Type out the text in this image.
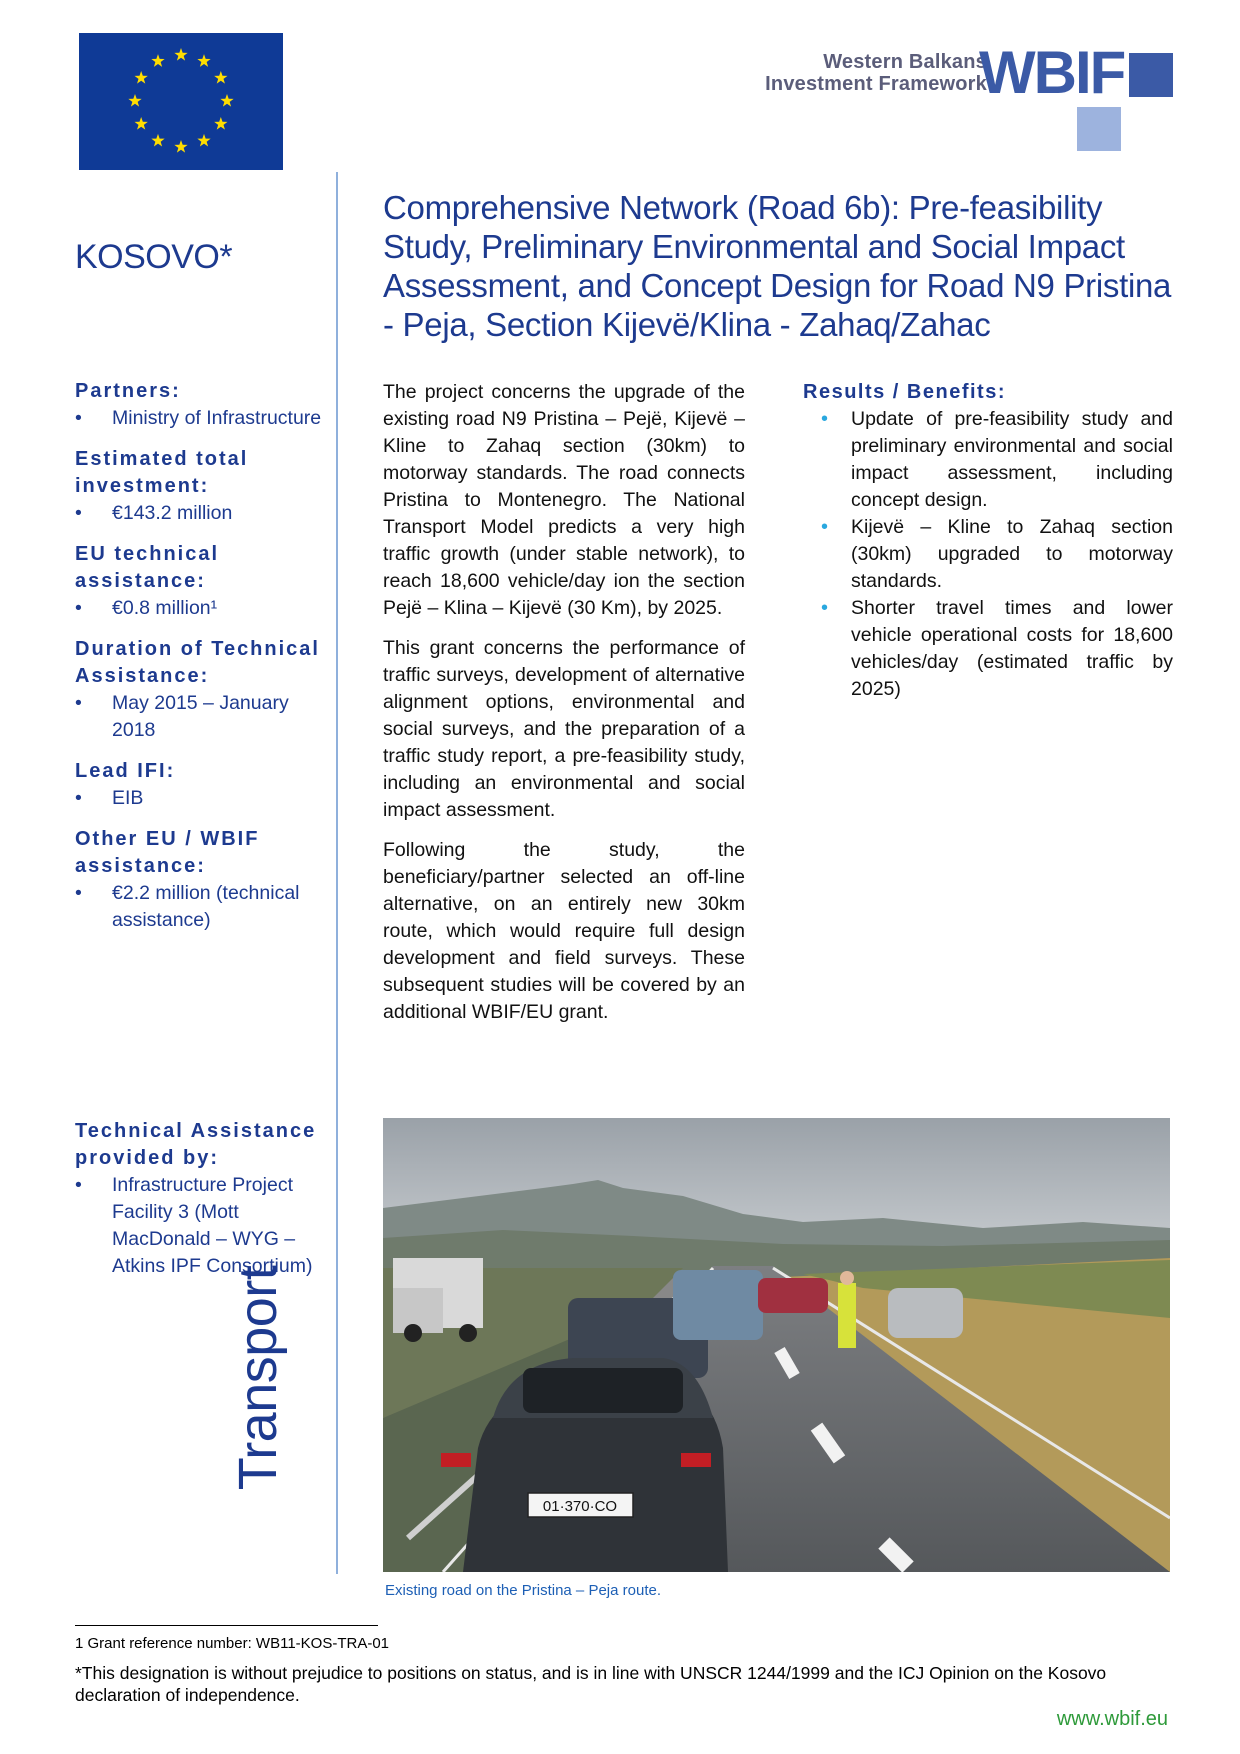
Western Balkans
Investment Framework
WBIF
KOSOVO*
Comprehensive Network (Road 6b): Pre-feasibility Study, Preliminary Environmental and Social Impact Assessment, and Concept Design for Road N9 Pristina - Peja, Section Kijevë/Klina - Zahaq/Zahac
Partners:
• Ministry of Infrastructure
Estimated total investment:
• €143.2 million
EU technical assistance:
• €0.8 million¹
Duration of Technical Assistance:
• May 2015 – January 2018
Lead IFI:
• EIB
Other EU / WBIF assistance:
• €2.2 million (technical assistance)
Technical Assistance provided by:
• Infrastructure Project Facility 3 (Mott MacDonald – WYG – Atkins IPF Consortium)
Transport

The project concerns the upgrade of the existing road N9 Pristina – Pejë, Kijevë – Kline to Zahaq section (30km) to motorway standards. The road connects Pristina to Montenegro. The National Transport Model predicts a very high traffic growth (under stable network), to reach 18,600 vehicle/day ion the section Pejë – Klina – Kijevë (30 Km), by 2025.

This grant concerns the performance of traffic surveys, development of alternative alignment options, environmental and social surveys, and the preparation of a traffic study report, a pre-feasibility study, including an environmental and social impact assessment.

Following the study, the beneficiary/partner selected an off-line alternative, on an entirely new 30km route, which would require full design development and field surveys. These subsequent studies will be covered by an additional WBIF/EU grant.

Results / Benefits:
• Update of pre-feasibility study and preliminary environmental and social impact assessment, including concept design.
• Kijevë – Kline to Zahaq section (30km) upgraded to motorway standards.
• Shorter travel times and lower vehicle operational costs for 18,600 vehicles/day (estimated traffic by 2025)
01·370·CO
Existing road on the Pristina – Peja route.
1 Grant reference number: WB11-KOS-TRA-01
*This designation is without prejudice to positions on status, and is in line with UNSCR 1244/1999 and the ICJ Opinion on the Kosovo declaration of independence.
www.wbif.eu
